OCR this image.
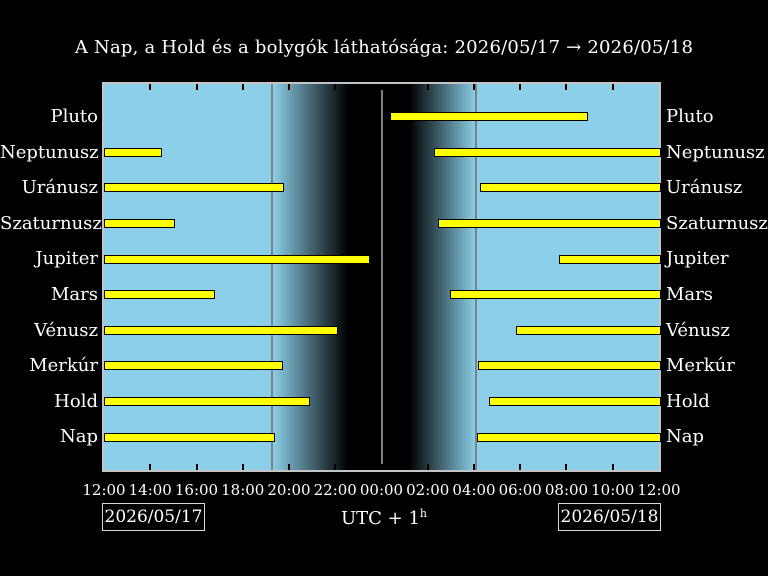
A Nap, a Hold és a bolygók láthatósága: 2026/05/17 → 2026/05/18
Pluto
Neptunusz
Uránusz
Szaturnusz
Jupiter
Mars
Vénusz
Merkúr
Hold
Nap
Pluto
Neptunusz
Uránusz
Szaturnusz
Jupiter
Mars
Vénusz
Merkúr
Hold
Nap
12:00 14:00 16:00 18:00 20:00 22:00 00:00 02:00 04:00 06:00 08:00 10:00 12:00
2026/05/17	UTC + $1^h$	2026/05/18
